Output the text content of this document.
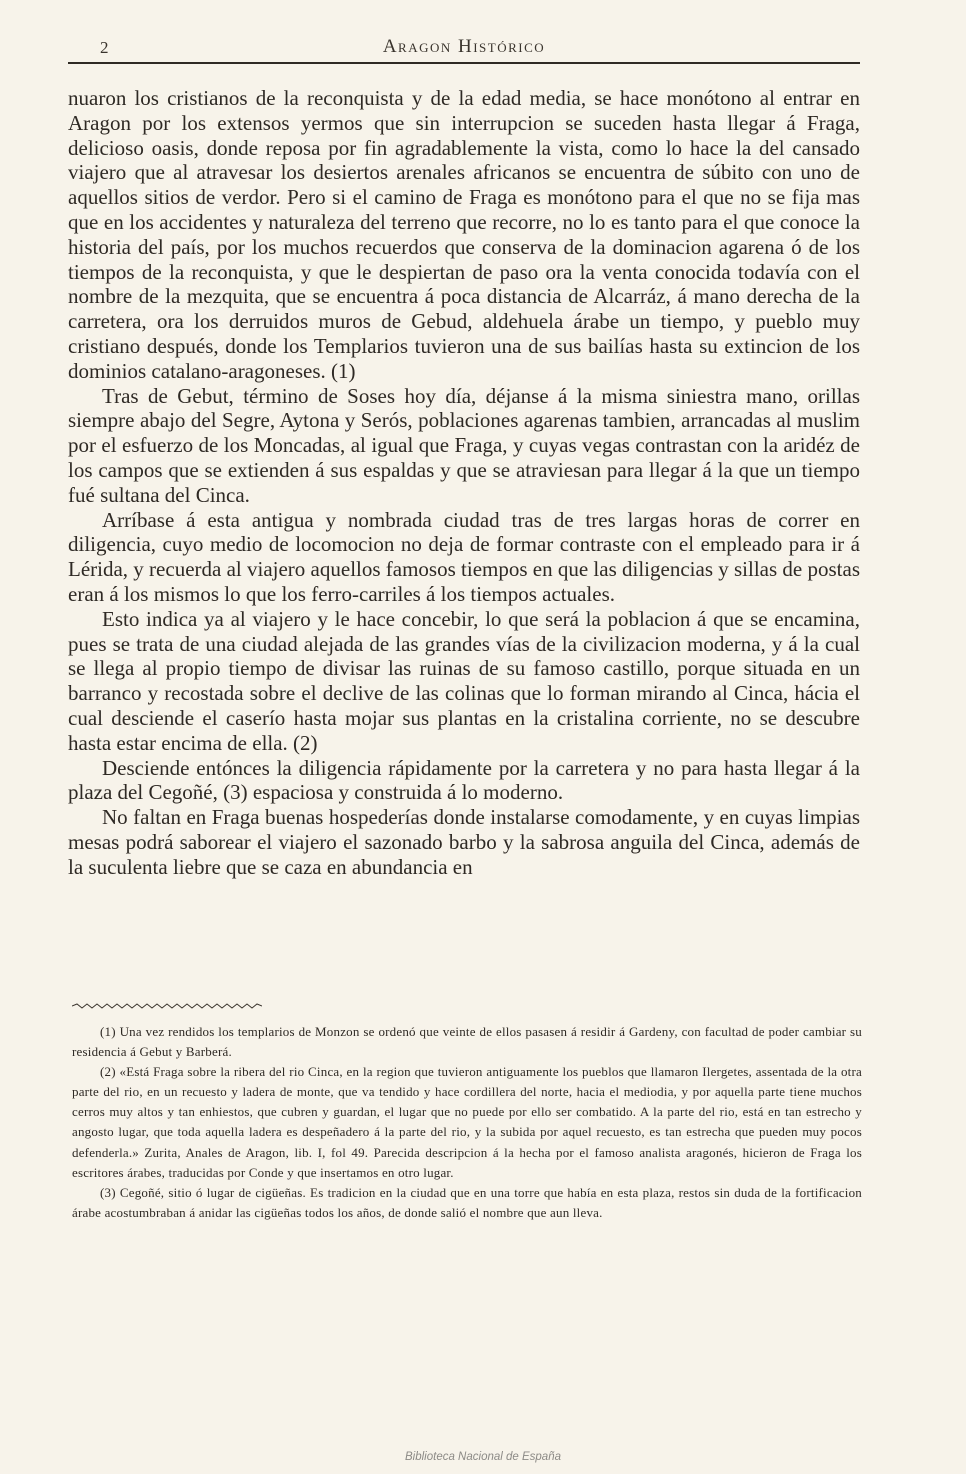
2	Aragon Histórico

nuaron los cristianos de la reconquista y de la edad media, se hace monótono al entrar en Aragon por los extensos yermos que sin interrupcion se suceden hasta llegar á Fraga, delicioso oasis, donde reposa por fin agradablemente la vista, como lo hace la del cansado viajero que al atravesar los desiertos arenales africanos se encuentra de súbito con uno de aquellos sitios de verdor. Pero si el camino de Fraga es monótono para el que no se fija mas que en los accidentes y naturaleza del terreno que recorre, no lo es tanto para el que conoce la historia del país, por los muchos recuerdos que conserva de la dominacion agarena ó de los tiempos de la reconquista, y que le despiertan de paso ora la venta conocida todavía con el nombre de la mezquita, que se encuentra á poca distancia de Alcarráz, á mano derecha de la carretera, ora los derruidos muros de Gebud, aldehuela árabe un tiempo, y pueblo muy cristiano después, donde los Templarios tuvieron una de sus bailías hasta su extincion de los dominios catalano-aragoneses. (1)

Tras de Gebut, término de Soses hoy día, déjanse á la misma siniestra mano, orillas siempre abajo del Segre, Aytona y Serós, poblaciones agarenas tambien, arrancadas al muslim por el esfuerzo de los Moncadas, al igual que Fraga, y cuyas vegas contrastan con la aridéz de los campos que se extienden á sus espaldas y que se atraviesan para llegar á la que un tiempo fué sultana del Cinca.

Arríbase á esta antigua y nombrada ciudad tras de tres largas horas de correr en diligencia, cuyo medio de locomocion no deja de formar contraste con el empleado para ir á Lérida, y recuerda al viajero aquellos famosos tiempos en que las diligencias y sillas de postas eran á los mismos lo que los ferro-carriles á los tiempos actuales.

Esto indica ya al viajero y le hace concebir, lo que será la poblacion á que se encamina, pues se trata de una ciudad alejada de las grandes vías de la civilizacion moderna, y á la cual se llega al propio tiempo de divisar las ruinas de su famoso castillo, porque situada en un barranco y recostada sobre el declive de las colinas que lo forman mirando al Cinca, hácia el cual desciende el caserío hasta mojar sus plantas en la cristalina corriente, no se descubre hasta estar encima de ella. (2)

Desciende entónces la diligencia rápidamente por la carretera y no para hasta llegar á la plaza del Cegoñé, (3) espaciosa y construida á lo moderno.

No faltan en Fraga buenas hospederías donde instalarse comodamente, y en cuyas limpias mesas podrá saborear el viajero el sazonado barbo y la sabrosa anguila del Cinca, además de la suculenta liebre que se caza en abundancia en

(1) Una vez rendidos los templarios de Monzon se ordenó que veinte de ellos pasasen á residir á Gardeny, con facultad de poder cambiar su residencia á Gebut y Barberá.

(2) «Está Fraga sobre la ribera del rio Cinca, en la region que tuvieron antiguamente los pueblos que llamaron Ilergetes, assentada de la otra parte del rio, en un recuesto y ladera de monte, que va tendido y hace cordillera del norte, hacia el mediodia, y por aquella parte tiene muchos cerros muy altos y tan enhiestos, que cubren y guardan, el lugar que no puede por ello ser combatido. A la parte del rio, está en tan estrecho y angosto lugar, que toda aquella ladera es despeñadero á la parte del rio, y la subida por aquel recuesto, es tan estrecha que pueden muy pocos defenderla.» Zurita, Anales de Aragon, lib. I, fol 49. Parecida descripcion á la hecha por el famoso analista aragonés, hicieron de Fraga los escritores árabes, traducidas por Conde y que insertamos en otro lugar.

(3) Cegoñé, sitio ó lugar de cigüeñas. Es tradicion en la ciudad que en una torre que había en esta plaza, restos sin duda de la fortificacion árabe acostumbraban á anidar las cigüeñas todos los años, de donde salió el nombre que aun lleva.

Biblioteca Nacional de España
